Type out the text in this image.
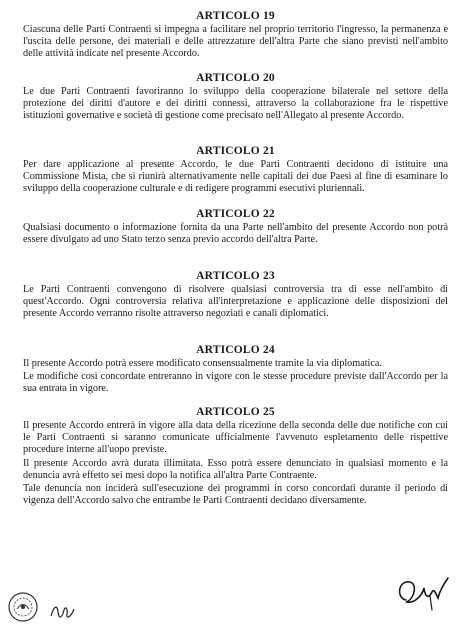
ARTICOLO 19

Ciascuna delle Parti Contraenti si impegna a facilitare nel proprio territorio l'ingresso, la permanenza e l'uscita delle persone, dei materiali e delle attrezzature dell'altra Parte che siano previsti nell'ambito delle attività indicate nel presente Accordo.

ARTICOLO 20

Le due Parti Contraenti favoriranno lo sviluppo della cooperazione bilaterale nel settore della protezione dei diritti d'autore e dei diritti connessi, attraverso la collaborazione fra le rispettive istituzioni governative e società di gestione come precisato nell'Allegato al presente Accordo.

ARTICOLO 21

Per dare applicazione al presente Accordo, le due Parti Contraenti decidono di istituire una Commissione Mista, che si riunirà alternativamente nelle capitali dei due Paesi al fine di esaminare lo sviluppo della cooperazione culturale e di redigere programmi esecutivi pluriennali.

ARTICOLO 22

Qualsiasi documento o informazione fornita da una Parte nell'ambito del presente Accordo non potrà essere divulgato ad uno Stato terzo senza previo accordo dell'altra Parte.

ARTICOLO 23

Le Parti Contraenti convengono di risolvere qualsiasi controversia tra di esse nell'ambito di quest'Accordo. Ogni controversia relativa all'interpretazione e applicazione delle disposizioni del presente Accordo verranno risolte attraverso negoziati e canali diplomatici.

ARTICOLO 24

Il presente Accordo potrà essere modificato consensualmente tramite la via diplomatica.

Le modifiche così concordate entreranno in vigore con le stesse procedure previste dall'Accordo per la sua entrata in vigore.

ARTICOLO 25

Il presente Accordo entrerà in vigore alla data della ricezione della seconda delle due notifiche con cui le Parti Contraenti si saranno comunicate ufficialmente l'avvenuto espletamento delle rispettive procedure interne all'uopo previste.

Il presente Accordo avrà durata illimitata. Esso potrà essere denunciato in qualsiasi momento e la denuncia avrà effetto sei mesi dopo la notifica all'altra Parte Contraente.

Tale denuncia non inciderà sull'esecuzione dei programmi in corso concordati durante il periodo di vigenza dell'Accordo salvo che entrambe le Parti Contraenti decidano diversamente.
